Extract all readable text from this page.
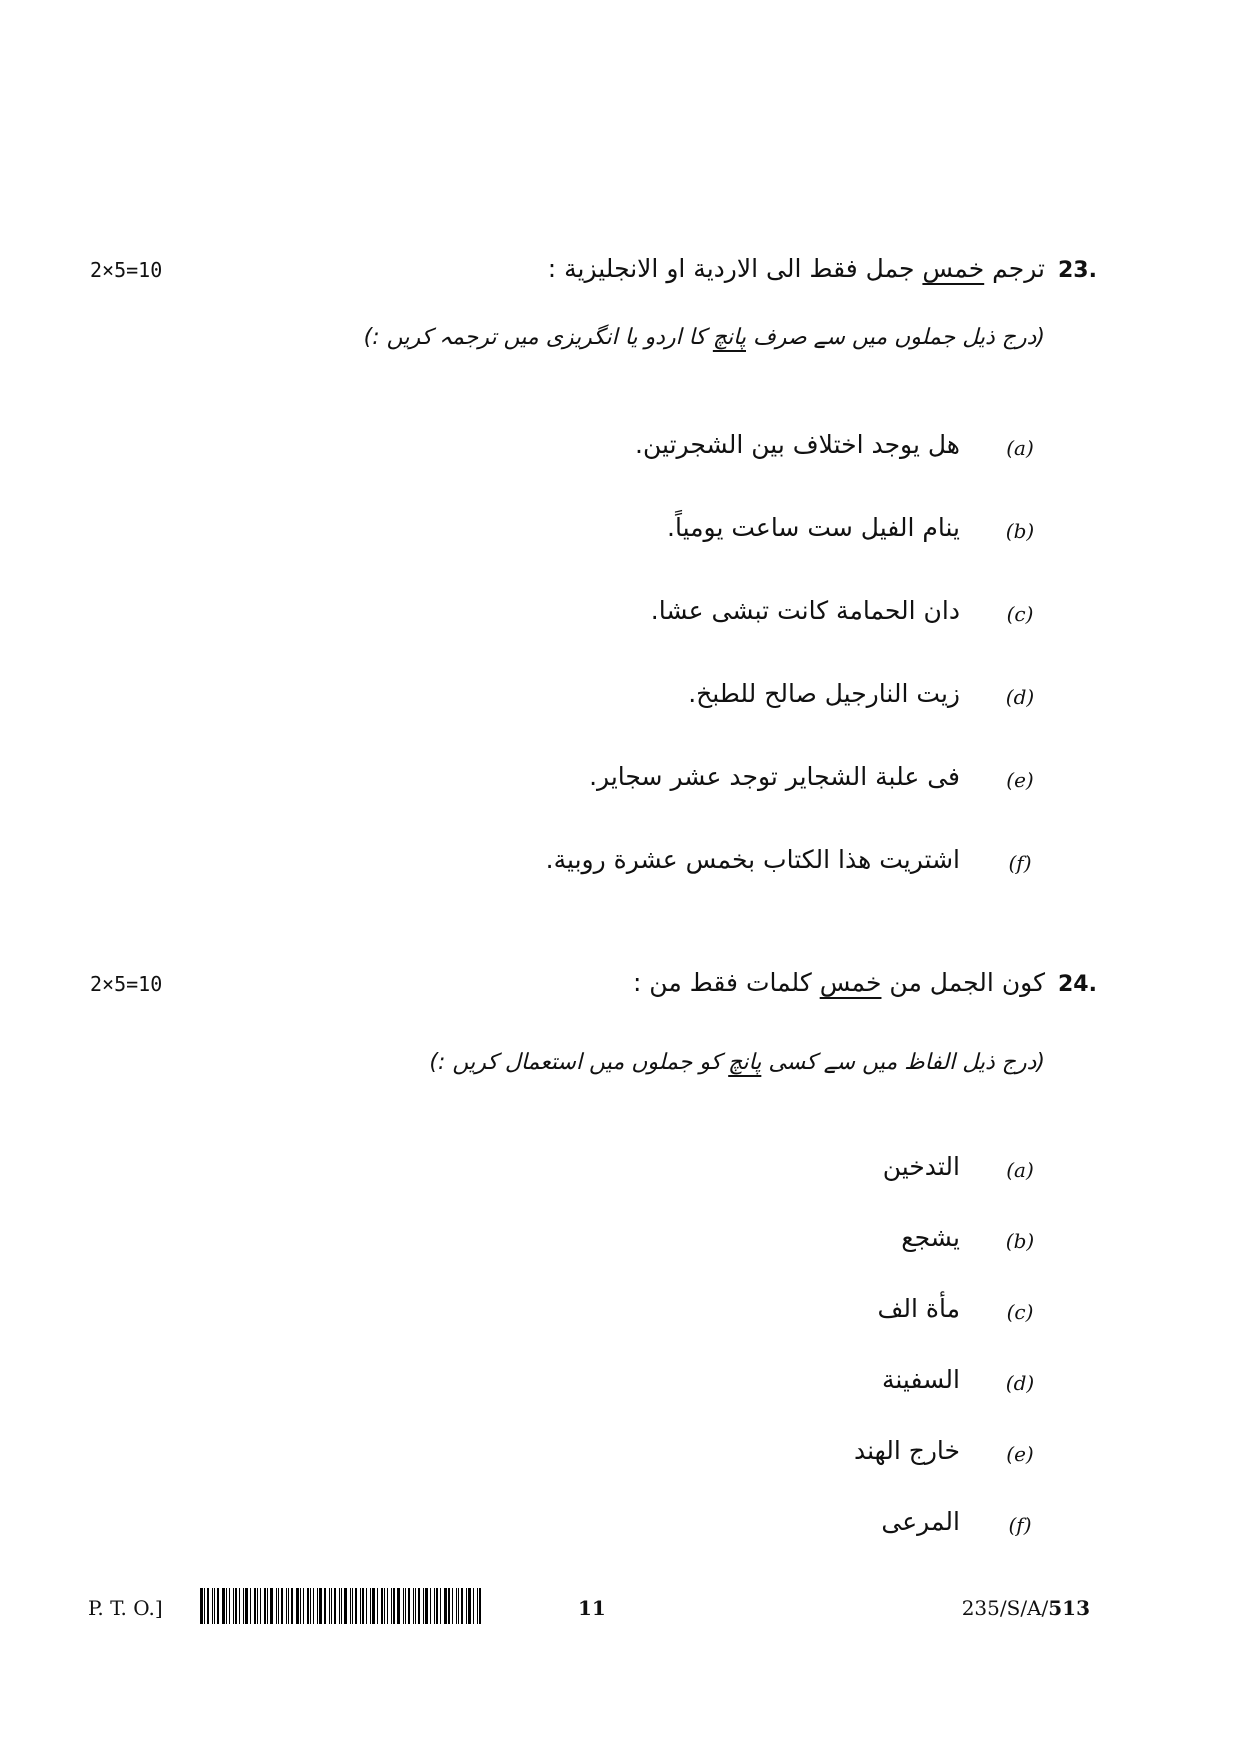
2×5=10	23.
ترجم خمس جمل فقط الى الاردية او الانجليزية :
(درج ذیل جملوں میں سے صرف پانچ کا اردو یا انگریزی میں ترجمہ کریں :)
(a)
هل يوجد اختلاف بين الشجرتين.
(b)
ينام الفيل ست ساعت يومياً.
(c)
دان الحمامة كانت تبشى عشا.
(d)
زيت النارجيل صالح للطبخ.
(e)
فى علبة الشجاير توجد عشر سجاير.
(f)
اشتريت هذا الكتاب بخمس عشرة روبية.
2×5=10	24.
كون الجمل من خمس كلمات فقط من :
(درج ذیل الفاظ میں سے کسی پانچ کو جملوں میں استعمال کریں :)
(a)
التدخين
(b)
يشجع
(c)
مأة الف
(d)
السفينة
(e)
خارج الهند
(f)
المرعى
P. T. O.]	11	235/S/A/513
